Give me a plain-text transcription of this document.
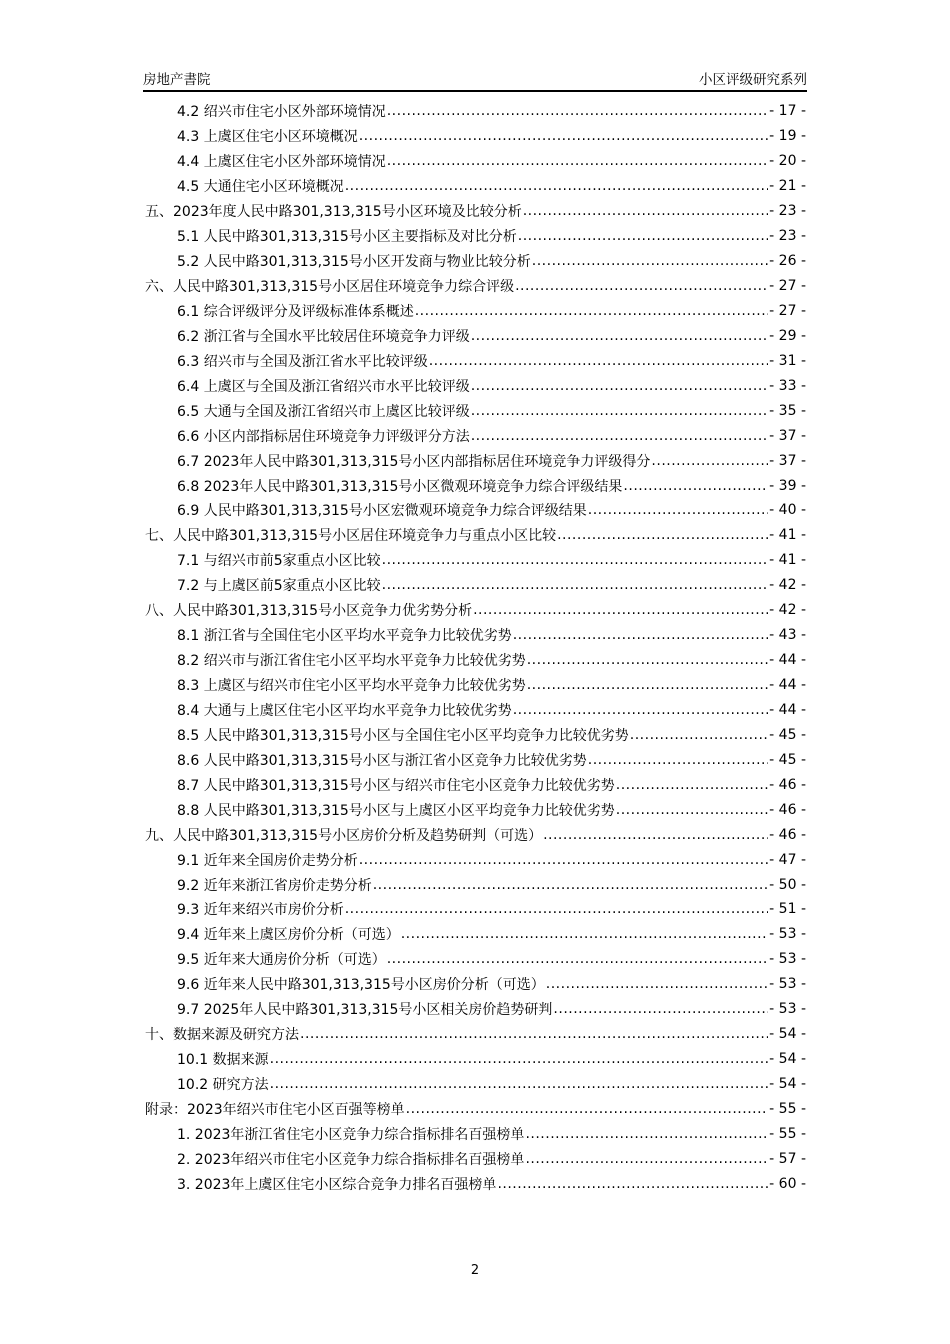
房地产書院	小区评级研究系列
4.2 绍兴市住宅小区外部环境情况 .....	- 17 -
4.3 上虞区住宅小区环境概况 .....	- 19 -
4.4 上虞区住宅小区外部环境情况 .....	- 20 -
4.5 大通住宅小区环境概况 .....	- 21 -
五、2023年度人民中路301,313,315号小区环境及比较分析 .....	- 23 -
5.1 人民中路301,313,315号小区主要指标及对比分析 .....	- 23 -
5.2 人民中路301,313,315号小区开发商与物业比较分析 .....	- 26 -
六、人民中路301,313,315号小区居住环境竞争力综合评级 .....	- 27 -
6.1 综合评级评分及评级标准体系概述 .....	- 27 -
6.2 浙江省与全国水平比较居住环境竞争力评级 .....	- 29 -
6.3 绍兴市与全国及浙江省水平比较评级 .....	- 31 -
6.4 上虞区与全国及浙江省绍兴市水平比较评级 .....	- 33 -
6.5 大通与全国及浙江省绍兴市上虞区比较评级 .....	- 35 -
6.6 小区内部指标居住环境竞争力评级评分方法 .....	- 37 -
6.7 2023年人民中路301,313,315号小区内部指标居住环境竞争力评级得分 .....	- 37 -
6.8 2023年人民中路301,313,315号小区微观环境竞争力综合评级结果 .....	- 39 -
6.9 人民中路301,313,315号小区宏微观环境竞争力综合评级结果 .....	- 40 -
七、人民中路301,313,315号小区居住环境竞争力与重点小区比较 .....	- 41 -
7.1 与绍兴市前5家重点小区比较 .....	- 41 -
7.2 与上虞区前5家重点小区比较 .....	- 42 -
八、人民中路301,313,315号小区竞争力优劣势分析 .....	- 42 -
8.1 浙江省与全国住宅小区平均水平竞争力比较优劣势 .....	- 43 -
8.2 绍兴市与浙江省住宅小区平均水平竞争力比较优劣势 .....	- 44 -
8.3 上虞区与绍兴市住宅小区平均水平竞争力比较优劣势 .....	- 44 -
8.4 大通与上虞区住宅小区平均水平竞争力比较优劣势 .....	- 44 -
8.5 人民中路301,313,315号小区与全国住宅小区平均竞争力比较优劣势 .....	- 45 -
8.6 人民中路301,313,315号小区与浙江省小区竞争力比较优劣势 .....	- 45 -
8.7 人民中路301,313,315号小区与绍兴市住宅小区竞争力比较优劣势 .....	- 46 -
8.8 人民中路301,313,315号小区与上虞区小区平均竞争力比较优劣势 .....	- 46 -
九、人民中路301,313,315号小区房价分析及趋势研判（可选） .....	- 46 -
9.1 近年来全国房价走势分析 .....	- 47 -
9.2 近年来浙江省房价走势分析 .....	- 50 -
9.3 近年来绍兴市房价分析 .....	- 51 -
9.4 近年来上虞区房价分析（可选） .....	- 53 -
9.5 近年来大通房价分析（可选） .....	- 53 -
9.6 近年来人民中路301,313,315号小区房价分析（可选） .....	- 53 -
9.7 2025年人民中路301,313,315号小区相关房价趋势研判 .....	- 53 -
十、数据来源及研究方法 .....	- 54 -
10.1 数据来源 .....	- 54 -
10.2 研究方法 .....	- 54 -
附录：2023年绍兴市住宅小区百强等榜单 .....	- 55 -
1. 2023年浙江省住宅小区竞争力综合指标排名百强榜单 .....	- 55 -
2. 2023年绍兴市住宅小区竞争力综合指标排名百强榜单 .....	- 57 -
3. 2023年上虞区住宅小区综合竞争力排名百强榜单 .....	- 60 -
2
